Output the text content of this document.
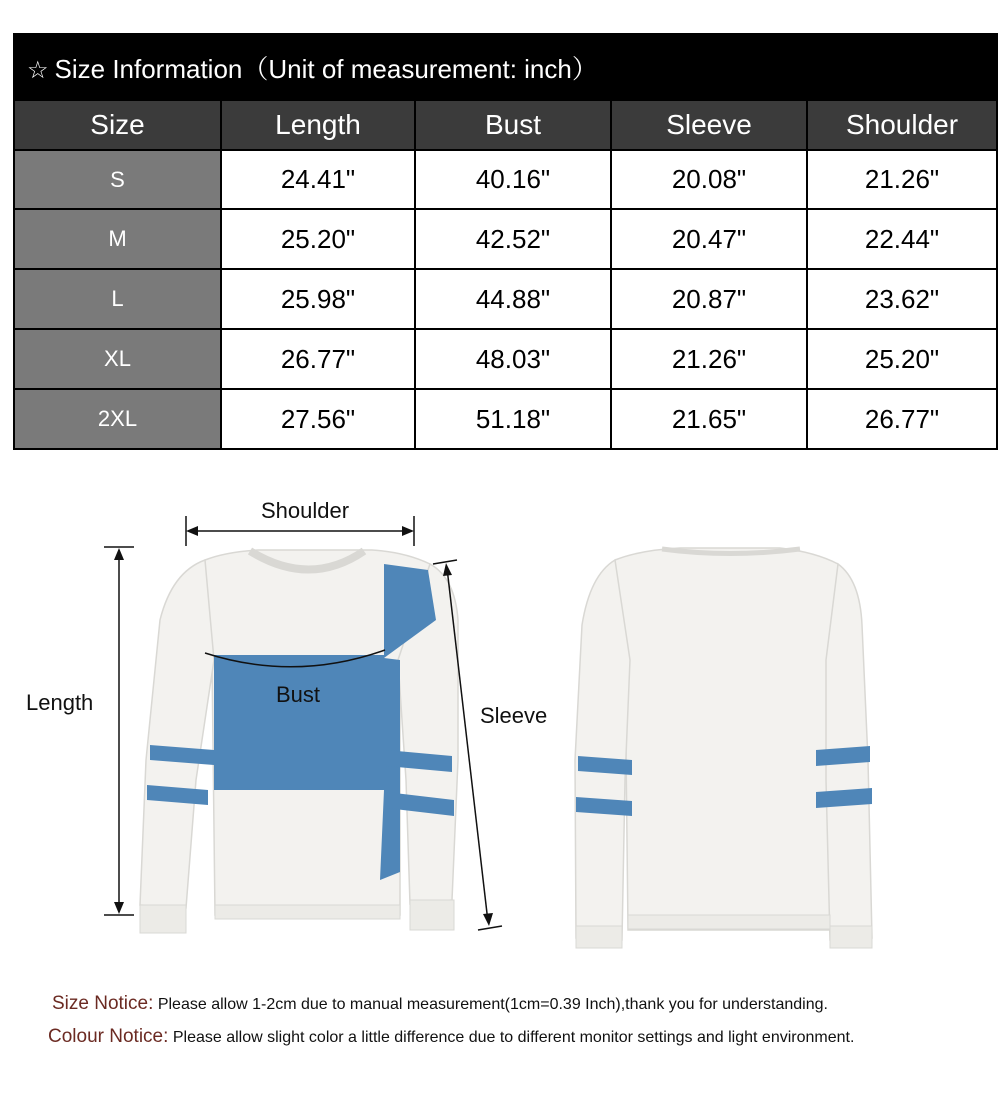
☆ Size Information（Unit of measurement: inch）				
Size	Length	Bust	Sleeve	Shoulder
S	24.41"	40.16"	20.08"	21.26"
M	25.20"	42.52"	20.47"	22.44"
L	25.98"	44.88"	20.87"	23.62"
XL	26.77"	48.03"	21.26"	25.20"
2XL	27.56"	51.18"	21.65"	26.77"
Shoulder
Length	Bust
Sleeve
Size Notice: Please allow 1-2cm due to manual measurement(1cm=0.39 Inch),thank you for understanding.
Colour Notice: Please allow slight color a little difference due to different monitor settings and light environment.
